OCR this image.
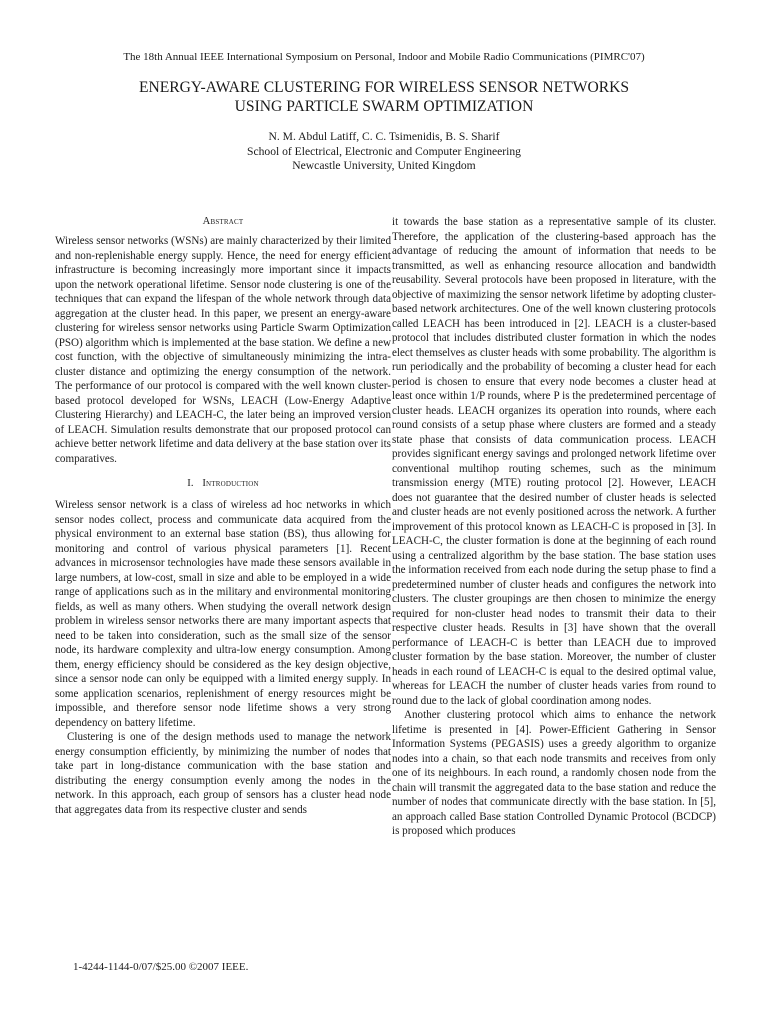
The 18th Annual IEEE International Symposium on Personal, Indoor and Mobile Radio Communications (PIMRC'07)
ENERGY-AWARE CLUSTERING FOR WIRELESS SENSOR NETWORKS
USING PARTICLE SWARM OPTIMIZATION
N. M. Abdul Latiff, C. C. Tsimenidis, B. S. Sharif
School of Electrical, Electronic and Computer Engineering
Newcastle University, United Kingdom
Abstract

Wireless sensor networks (WSNs) are mainly characterized by their limited and non-replenishable energy supply. Hence, the need for energy efficient infrastructure is becoming increasingly more important since it impacts upon the network operational lifetime. Sensor node clustering is one of the techniques that can expand the lifespan of the whole network through data aggregation at the cluster head. In this paper, we present an energy-aware clustering for wireless sensor networks using Particle Swarm Optimization (PSO) algorithm which is implemented at the base station. We define a new cost function, with the objective of simultaneously minimizing the intra-cluster distance and optimizing the energy consumption of the network. The performance of our protocol is compared with the well known cluster-based protocol developed for WSNs, LEACH (Low-Energy Adaptive Clustering Hierarchy) and LEACH-C, the later being an improved version of LEACH. Simulation results demonstrate that our proposed protocol can achieve better network lifetime and data delivery at the base station over its comparatives.

I. Introduction

Wireless sensor network is a class of wireless ad hoc networks in which sensor nodes collect, process and communicate data acquired from the physical environment to an external base station (BS), thus allowing for monitoring and control of various physical parameters [1]. Recent advances in microsensor technologies have made these sensors available in large numbers, at low-cost, small in size and able to be employed in a wide range of applications such as in the military and environmental monitoring fields, as well as many others. When studying the overall network design problem in wireless sensor networks there are many important aspects that need to be taken into consideration, such as the small size of the sensor node, its hardware complexity and ultra-low energy consumption. Among them, energy efficiency should be considered as the key design objective, since a sensor node can only be equipped with a limited energy supply. In some application scenarios, replenishment of energy resources might be impossible, and therefore sensor node lifetime shows a very strong dependency on battery lifetime.

Clustering is one of the design methods used to manage the network energy consumption efficiently, by minimizing the number of nodes that take part in long-distance communication with the base station and distributing the energy consumption evenly among the nodes in the network. In this approach, each group of sensors has a cluster head node that aggregates data from its respective cluster and sends

it towards the base station as a representative sample of its cluster. Therefore, the application of the clustering-based approach has the advantage of reducing the amount of information that needs to be transmitted, as well as enhancing resource allocation and bandwidth reusability. Several protocols have been proposed in literature, with the objective of maximizing the sensor network lifetime by adopting cluster-based network architectures. One of the well known clustering protocols called LEACH has been introduced in [2]. LEACH is a cluster-based protocol that includes distributed cluster formation in which the nodes elect themselves as cluster heads with some probability. The algorithm is run periodically and the probability of becoming a cluster head for each period is chosen to ensure that every node becomes a cluster head at least once within 1/P rounds, where P is the predetermined percentage of cluster heads. LEACH organizes its operation into rounds, where each round consists of a setup phase where clusters are formed and a steady state phase that consists of data communication process. LEACH provides significant energy savings and prolonged network lifetime over conventional multihop routing schemes, such as the minimum transmission energy (MTE) routing protocol [2]. However, LEACH does not guarantee that the desired number of cluster heads is selected and cluster heads are not evenly positioned across the network. A further improvement of this protocol known as LEACH-C is proposed in [3]. In LEACH-C, the cluster formation is done at the beginning of each round using a centralized algorithm by the base station. The base station uses the information received from each node during the setup phase to find a predetermined number of cluster heads and configures the network into clusters. The cluster groupings are then chosen to minimize the energy required for non-cluster head nodes to transmit their data to their respective cluster heads. Results in [3] have shown that the overall performance of LEACH-C is better than LEACH due to improved cluster formation by the base station. Moreover, the number of cluster heads in each round of LEACH-C is equal to the desired optimal value, whereas for LEACH the number of cluster heads varies from round to round due to the lack of global coordination among nodes.

Another clustering protocol which aims to enhance the network lifetime is presented in [4]. Power-Efficient Gathering in Sensor Information Systems (PEGASIS) uses a greedy algorithm to organize nodes into a chain, so that each node transmits and receives from only one of its neighbours. In each round, a randomly chosen node from the chain will transmit the aggregated data to the base station and reduce the number of nodes that communicate directly with the base station. In [5], an approach called Base station Controlled Dynamic Protocol (BCDCP) is proposed which produces

1-4244-1144-0/07/$25.00 ©2007 IEEE.
